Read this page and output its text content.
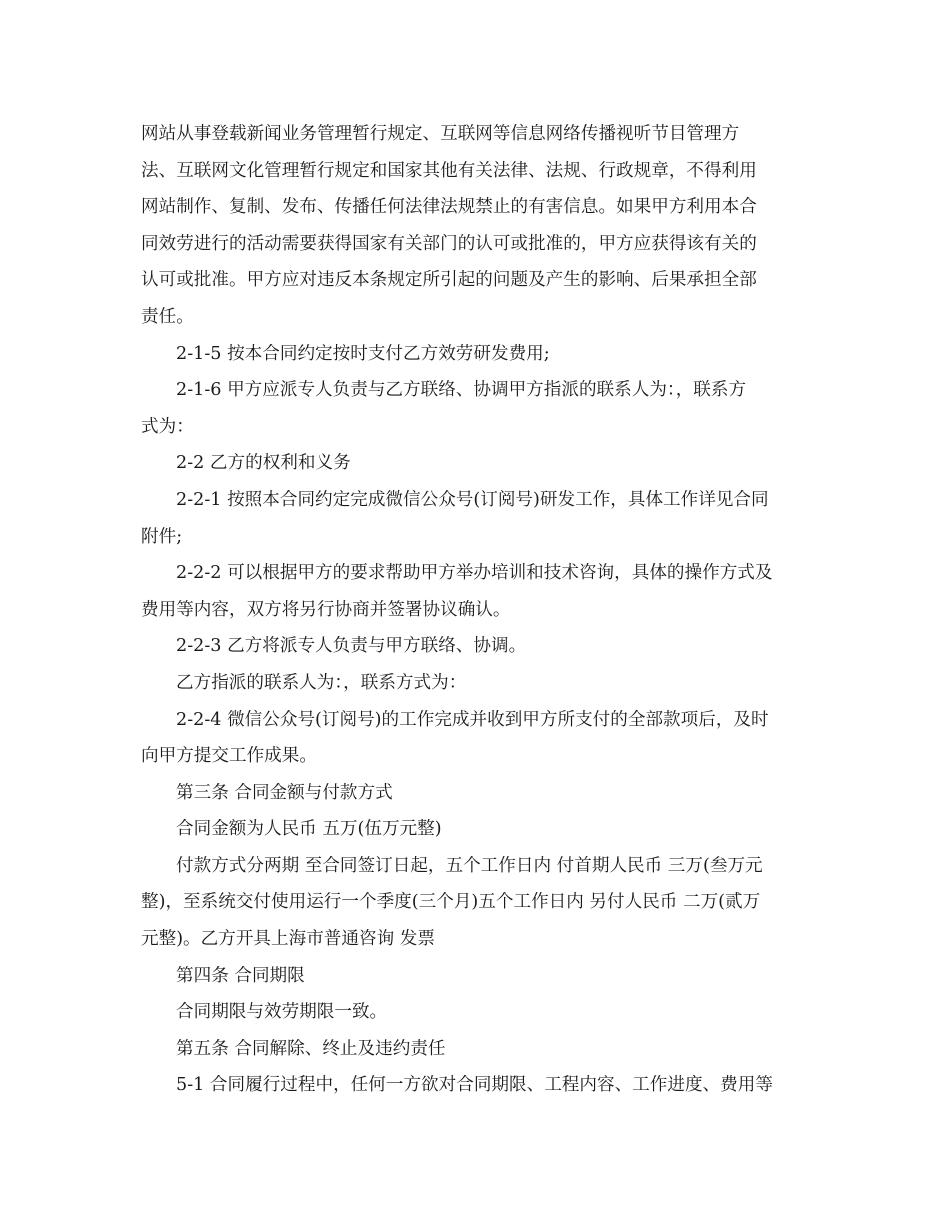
网站从事登载新闻业务管理暂行规定、互联网等信息网络传播视听节目管理方
法、互联网文化管理暂行规定和国家其他有关法律、法规、行政规章，不得利用
网站制作、复制、发布、传播任何法律法规禁止的有害信息。如果甲方利用本合
同效劳进行的活动需要获得国家有关部门的认可或批准的，甲方应获得该有关的
认可或批准。甲方应对违反本条规定所引起的问题及产生的影响、后果承担全部
责任。
2-1-5 按本合同约定按时支付乙方效劳研发费用;
2-1-6 甲方应派专人负责与乙方联络、协调甲方指派的联系人为：，联系方
式为：
2-2 乙方的权利和义务
2-2-1 按照本合同约定完成微信公众号(订阅号)研发工作，具体工作详见合同
附件;
2-2-2 可以根据甲方的要求帮助甲方举办培训和技术咨询，具体的操作方式及
费用等内容，双方将另行协商并签署协议确认。
2-2-3 乙方将派专人负责与甲方联络、协调。
乙方指派的联系人为：，联系方式为：
2-2-4 微信公众号(订阅号)的工作完成并收到甲方所支付的全部款项后，及时
向甲方提交工作成果。
第三条 合同金额与付款方式
合同金额为人民币 五万(伍万元整)
付款方式分两期 至合同签订日起，五个工作日内 付首期人民币 三万(叁万元
整)，至系统交付使用运行一个季度(三个月)五个工作日内 另付人民币 二万(贰万
元整)。乙方开具上海市普通咨询 发票
第四条 合同期限
合同期限与效劳期限一致。
第五条 合同解除、终止及违约责任
5-1 合同履行过程中，任何一方欲对合同期限、工程内容、工作进度、费用等
